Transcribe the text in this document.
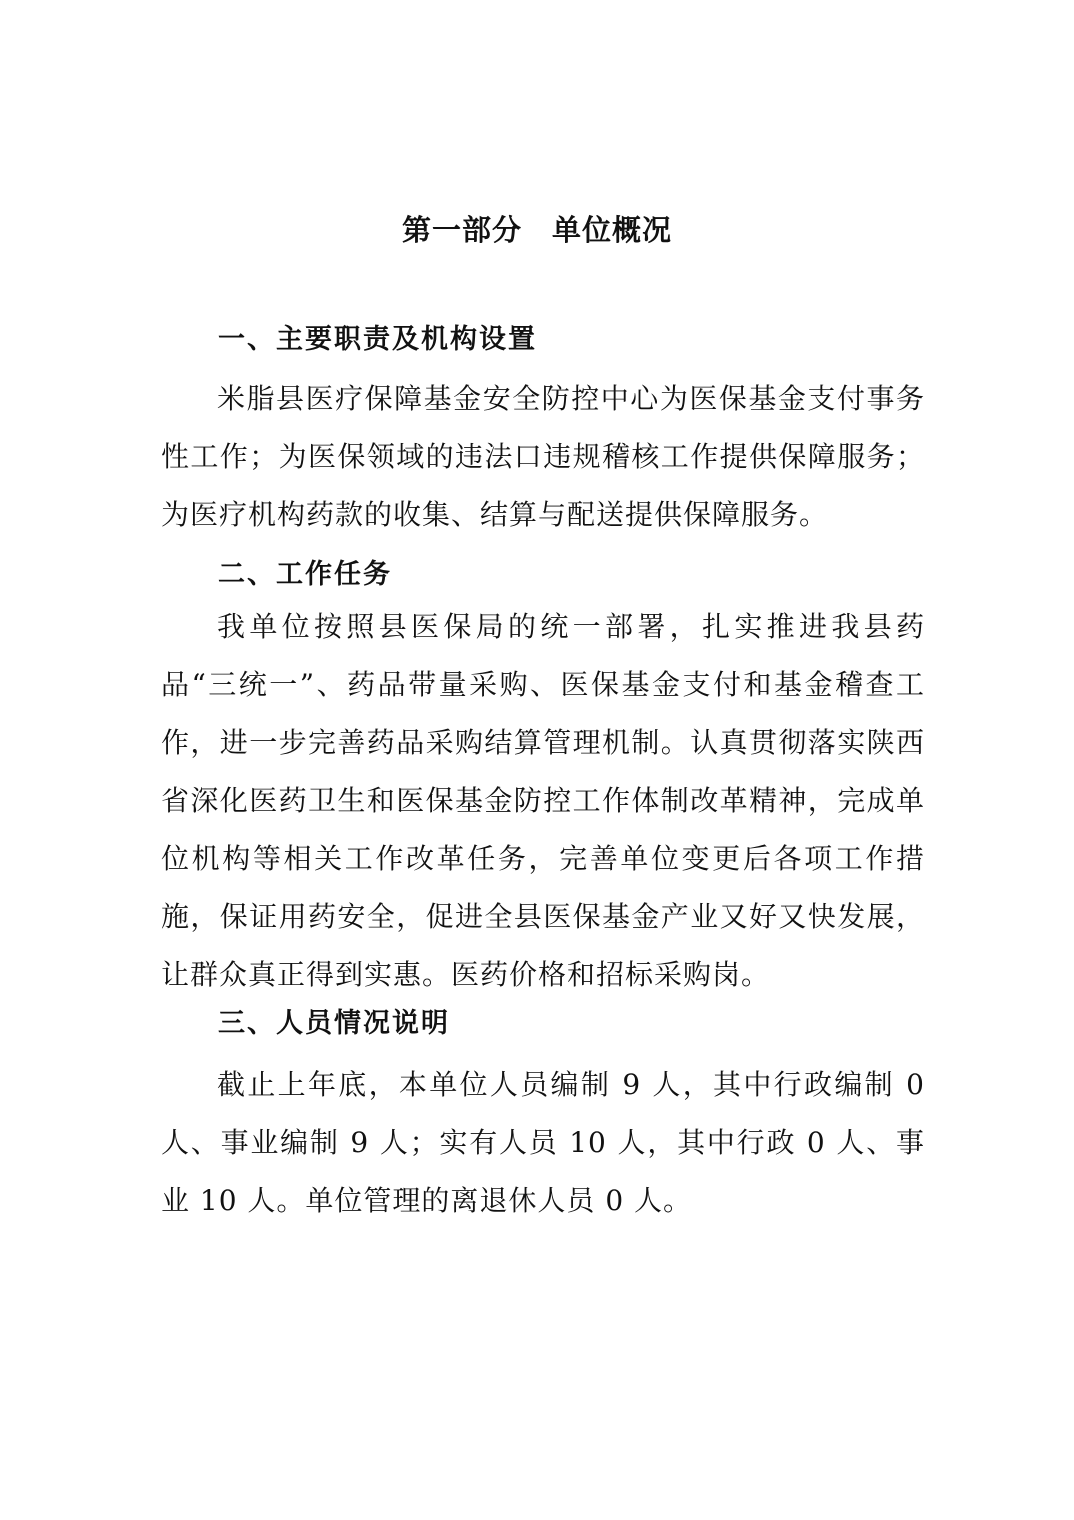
第一部分　单位概况
一、主要职责及机构设置
米脂县医疗保障基金安全防控中心为医保基金支付事务性工作；为医保领域的违法口违规稽核工作提供保障服务；为医疗机构药款的收集、结算与配送提供保障服务。
二、工作任务
我单位按照县医保局的统一部署，扎实推进我县药品“三统一”、药品带量采购、医保基金支付和基金稽查工作，进一步完善药品采购结算管理机制。认真贯彻落实陕西省深化医药卫生和医保基金防控工作体制改革精神，完成单位机构等相关工作改革任务，完善单位变更后各项工作措施，保证用药安全，促进全县医保基金产业又好又快发展，让群众真正得到实惠。医药价格和招标采购岗。
三、人员情况说明
截止上年底，本单位人员编制 9 人，其中行政编制 0 人、事业编制 9 人；实有人员 10 人，其中行政 0 人、事业 10 人。单位管理的离退休人员 0 人。
